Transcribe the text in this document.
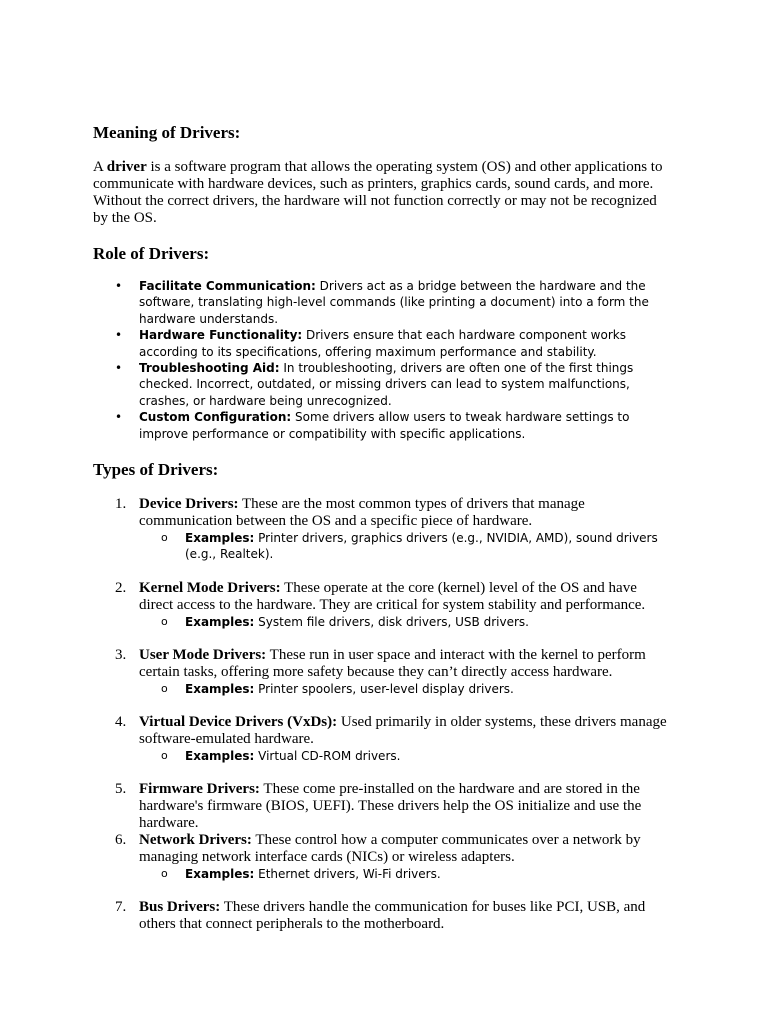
Meaning of Drivers:

A driver is a software program that allows the operating system (OS) and other applications to communicate with hardware devices, such as printers, graphics cards, sound cards, and more. Without the correct drivers, the hardware will not function correctly or may not be recognized by the OS.

Role of Drivers:
• Facilitate Communication: Drivers act as a bridge between the hardware and the software, translating high-level commands (like printing a document) into a form the hardware understands.
• Hardware Functionality: Drivers ensure that each hardware component works according to its specifications, offering maximum performance and stability.
• Troubleshooting Aid: In troubleshooting, drivers are often one of the first things checked. Incorrect, outdated, or missing drivers can lead to system malfunctions, crashes, or hardware being unrecognized.
• Custom Configuration: Some drivers allow users to tweak hardware settings to improve performance or compatibility with specific applications.
Types of Drivers:
1. Device Drivers: These are the most common types of drivers that manage communication between the OS and a specific piece of hardware.
o Examples: Printer drivers, graphics drivers (e.g., NVIDIA, AMD), sound drivers (e.g., Realtek).
2. Kernel Mode Drivers: These operate at the core (kernel) level of the OS and have direct access to the hardware. They are critical for system stability and performance.
o Examples: System file drivers, disk drivers, USB drivers.
3. User Mode Drivers: These run in user space and interact with the kernel to perform certain tasks, offering more safety because they can’t directly access hardware.
o Examples: Printer spoolers, user-level display drivers.
4. Virtual Device Drivers (VxDs): Used primarily in older systems, these drivers manage software-emulated hardware.
o Examples: Virtual CD-ROM drivers.
5. Firmware Drivers: These come pre-installed on the hardware and are stored in the hardware's firmware (BIOS, UEFI). These drivers help the OS initialize and use the hardware.
6. Network Drivers: These control how a computer communicates over a network by managing network interface cards (NICs) or wireless adapters.
o Examples: Ethernet drivers, Wi-Fi drivers.
7. Bus Drivers: These drivers handle the communication for buses like PCI, USB, and others that connect peripherals to the motherboard.
